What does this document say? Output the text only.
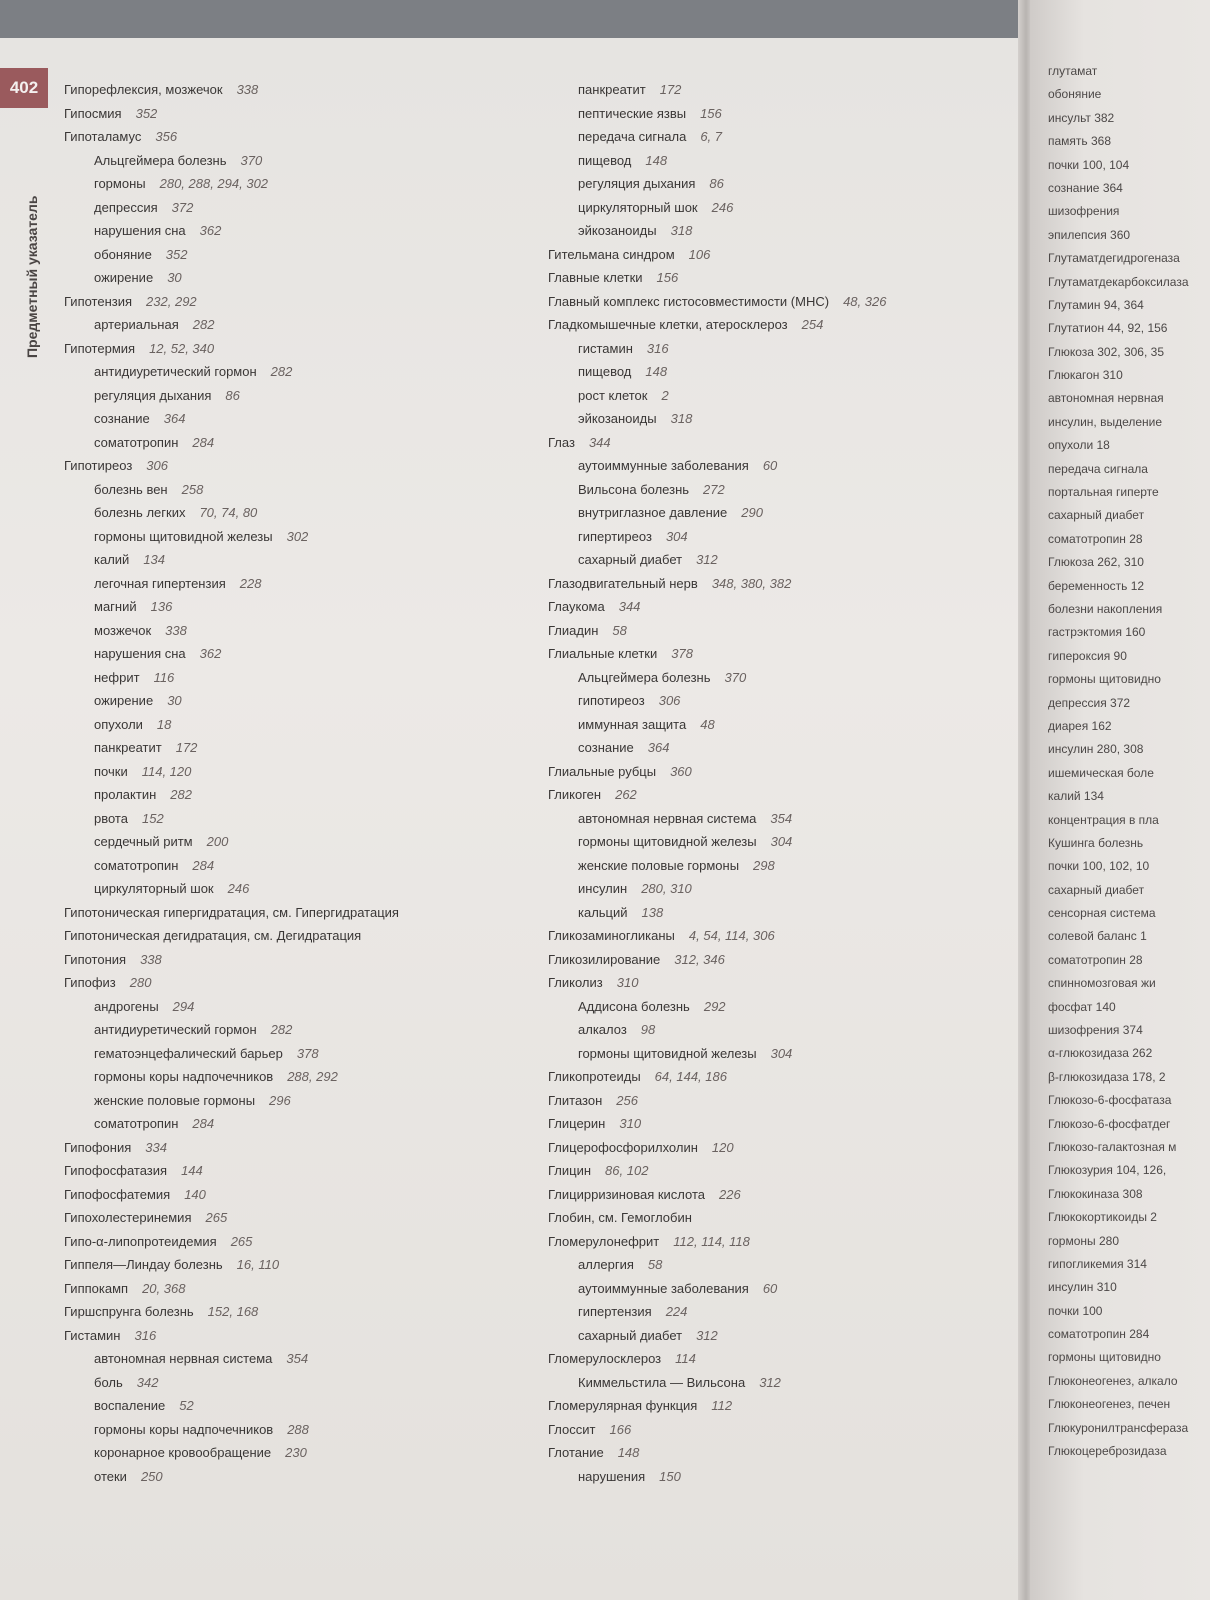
402
Предметный указатель
Гипорефлексия, мозжечок 338
Гипосмия 352
Гипоталамус 356
Альцгеймера болезнь 370
гормоны 280, 288, 294, 302
депрессия 372
нарушения сна 362
обоняние 352
ожирение 30
Гипотензия 232, 292
артериальная 282
Гипотермия 12, 52, 340
антидиуретический гормон 282
регуляция дыхания 86
сознание 364
соматотропин 284
Гипотиреоз 306
болезнь вен 258
болезнь легких 70, 74, 80
гормоны щитовидной железы 302
калий 134
легочная гипертензия 228
магний 136
мозжечок 338
нарушения сна 362
нефрит 116
ожирение 30
опухоли 18
панкреатит 172
почки 114, 120
пролактин 282
рвота 152
сердечный ритм 200
соматотропин 284
циркуляторный шок 246
Гипотоническая гипергидратация, см. Гипергидратация
Гипотоническая дегидратация, см. Дегидратация
Гипотония 338
Гипофиз 280
андрогены 294
антидиуретический гормон 282
гематоэнцефалический барьер 378
гормоны коры надпочечников 288, 292
женские половые гормоны 296
соматотропин 284
Гипофония 334
Гипофосфатазия 144
Гипофосфатемия 140
Гипохолестеринемия 265
Гипо-α-липопротеидемия 265
Гиппеля—Линдау болезнь 16, 110
Гиппокамп 20, 368
Гиршспрунга болезнь 152, 168
Гистамин 316
автономная нервная система 354
боль 342
воспаление 52
гормоны коры надпочечников 288
коронарное кровообращение 230
отеки 250
панкреатит 172
пептические язвы 156
передача сигнала 6, 7
пищевод 148
регуляция дыхания 86
циркуляторный шок 246
эйкозаноиды 318
Гительмана синдром 106
Главные клетки 156
Главный комплекс гистосовместимости (МНС) 48, 326
Гладкомышечные клетки, атеросклероз 254
гистамин 316
пищевод 148
рост клеток 2
эйкозаноиды 318
Глаз 344
аутоиммунные заболевания 60
Вильсона болезнь 272
внутриглазное давление 290
гипертиреоз 304
сахарный диабет 312
Глазодвигательный нерв 348, 380, 382
Глаукома 344
Глиадин 58
Глиальные клетки 378
Альцгеймера болезнь 370
гипотиреоз 306
иммунная защита 48
сознание 364
Глиальные рубцы 360
Гликоген 262
автономная нервная система 354
гормоны щитовидной железы 304
женские половые гормоны 298
инсулин 280, 310
кальций 138
Гликозаминогликаны 4, 54, 114, 306
Гликозилирование 312, 346
Гликолиз 310
Аддисона болезнь 292
алкалоз 98
гормоны щитовидной железы 304
Гликопротеиды 64, 144, 186
Глитазон 256
Глицерин 310
Глицерофосфорилхолин 120
Глицин 86, 102
Глицирризиновая кислота 226
Глобин, см. Гемоглобин
Гломерулонефрит 112, 114, 118
аллергия 58
аутоиммунные заболевания 60
гипертензия 224
сахарный диабет 312
Гломерулосклероз 114
Киммельстила — Вильсона 312
Гломерулярная функция 112
Глоссит 166
Глотание 148
нарушения 150
глутамат
обоняние
инсульт 382
память 368
почки 100, 104
сознание 364
шизофрения
эпилепсия 360
Глутаматдегидрогеназа
Глутаматдекарбоксилаза
Глутамин 94, 364
Глутатион 44, 92, 156
Глюкоза 302, 306, 35
Глюкагон 310
автономная нервная
инсулин, выделение
опухоли 18
передача сигнала
портальная гиперте
сахарный диабет
соматотропин 28
Глюкоза 262, 310
беременность 12
болезни накопления
гастрэктомия 160
гипероксия 90
гормоны щитовидно
депрессия 372
диарея 162
инсулин 280, 308
ишемическая боле
калий 134
концентрация в пла
Кушинга болезнь
почки 100, 102, 10
сахарный диабет
сенсорная система
солевой баланс 1
соматотропин 28
спинномозговая жи
фосфат 140
шизофрения 374
α-глюкозидаза 262
β-глюкозидаза 178, 2
Глюкозо-6-фосфатаза
Глюкозо-6-фосфатдег
Глюкозо-галактозная м
Глюкозурия 104, 126,
Глюкокиназа 308
Глюкокортикоиды 2
гормоны 280
гипогликемия 314
инсулин 310
почки 100
соматотропин 284
гормоны щитовидно
Глюконеогенез, алкало
Глюконеогенез, печен
Глюкуронилтрансфераза
Глюкоцереброзидаза
